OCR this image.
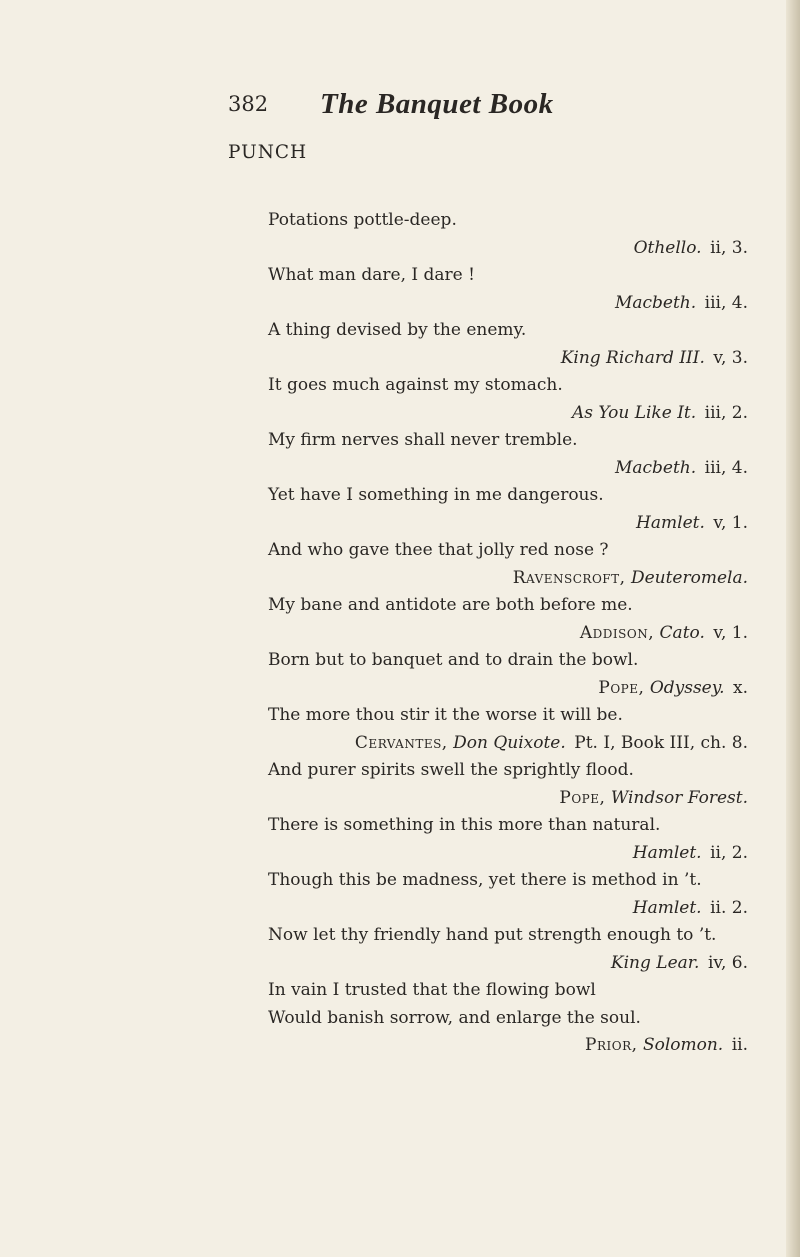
382 The Banquet Book
PUNCH
Potations pottle-deep.
Othello.  ii, 3.
What man dare, I dare !
Macbeth.  iii, 4.
A thing devised by the enemy.
King Richard III.  v, 3.
It goes much against my stomach.
As You Like It.  iii, 2.
My firm nerves shall never tremble.
Macbeth.  iii, 4.
Yet have I something in me dangerous.
Hamlet.  v, 1.
And who gave thee that jolly red nose ?
Ravenscroft, Deuteromela.
My bane and antidote are both before me.
Addison, Cato.  v, 1.
Born but to banquet and to drain the bowl.
Pope, Odyssey.  x.
The more thou stir it the worse it will be.
Cervantes, Don Quixote.  Pt. I, Book III, ch. 8.
And purer spirits swell the sprightly flood.
Pope, Windsor Forest.
There is something in this more than natural.
Hamlet.  ii, 2.
Though this be madness, yet there is method in ’t.
Hamlet.  ii. 2.
Now let thy friendly hand put strength enough to ’t.
King Lear.  iv, 6.
In vain I trusted that the flowing bowl
Would banish sorrow, and enlarge the soul.
Prior, Solomon.  ii.
